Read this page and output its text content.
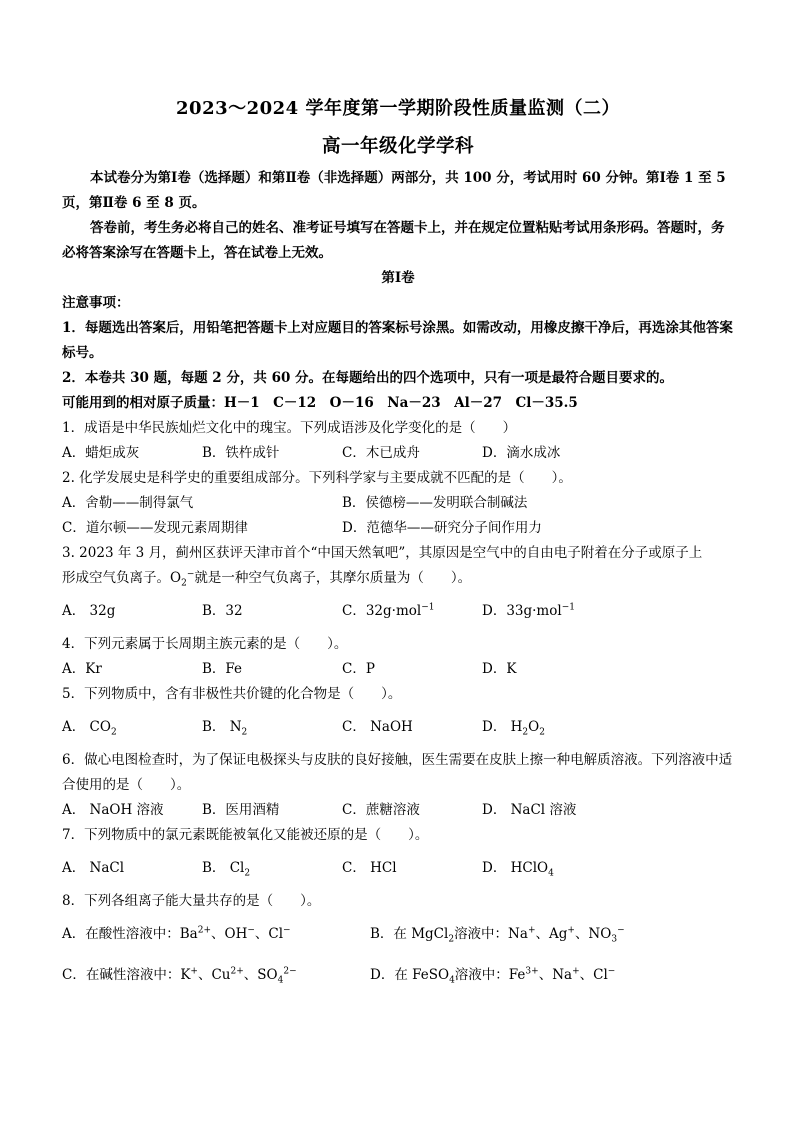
2023～2024 学年度第一学期阶段性质量监测（二）
高一年级化学学科
本试卷分为第Ⅰ卷（选择题）和第Ⅱ卷（非选择题）两部分，共 100 分，考试用时 60 分钟。第Ⅰ卷 1 至 5 页，第Ⅱ卷 6 至 8 页。
答卷前，考生务必将自己的姓名、准考证号填写在答题卡上，并在规定位置粘贴考试用条形码。答题时，务必将答案涂写在答题卡上，答在试卷上无效。
第Ⅰ卷
注意事项：
1．每题选出答案后，用铅笔把答题卡上对应题目的答案标号涂黑。如需改动，用橡皮擦干净后，再选涂其他答案标号。
2．本卷共 30 题，每题 2 分，共 60 分。在每题给出的四个选项中，只有一项是最符合题目要求的。
可能用到的相对原子质量：H－1　C－12　O－16　Na－23　Al－27　Cl－35.5
1．成语是中华民族灿烂文化中的瑰宝。下列成语涉及化学变化的是（　　）
A．蜡炬成灰	B．铁杵成针	C．木已成舟	D．滴水成冰
2. 化学发展史是科学史的重要组成部分。下列科学家与主要成就不匹配的是（　　）。
A．舍勒——制得氯气	B．侯德榜——发明联合制碱法
C．道尔顿——发现元素周期律	D．范德华——研究分子间作用力
3. 2023 年 3 月，蓟州区获评天津市首个“中国天然氧吧”，其原因是空气中的自由电子附着在分子或原子上
形成空气负离子。$O_2^-$就是一种空气负离子，其摩尔质量为（　　）。
A． 32g	B．32	C．32g·mol$^{-1}$	D．33g·mol$^{-1}$
4．下列元素属于长周期主族元素的是（　　）。
A．Kr	B．Fe	C．P	D．K
5．下列物质中，含有非极性共价键的化合物是（　　）。
A． $CO_2$	B． $N_2$	C． NaOH	D． $H_2O_2$
6．做心电图检查时，为了保证电极探头与皮肤的良好接触，医生需要在皮肤上擦一种电解质溶液。下列溶液中适合使用的是（　　）。
A． NaOH 溶液	B．医用酒精	C．蔗糖溶液	D． NaCl 溶液
7．下列物质中的氯元素既能被氧化又能被还原的是（　　）。
A． NaCl	B． $Cl_2$	C． HCl	D． HClO$_4$
8．下列各组离子能大量共存的是（　　）。
A．在酸性溶液中：$Ba^{2+}$、OH−、Cl−	B．在 MgCl$_2$溶液中：Na+、Ag+、$NO_3^-$
C．在碱性溶液中：K+、$Cu^{2+}$、$SO_4^{2-}$	D．在 FeSO$_4$溶液中：$Fe^{3+}$、Na+、Cl−
